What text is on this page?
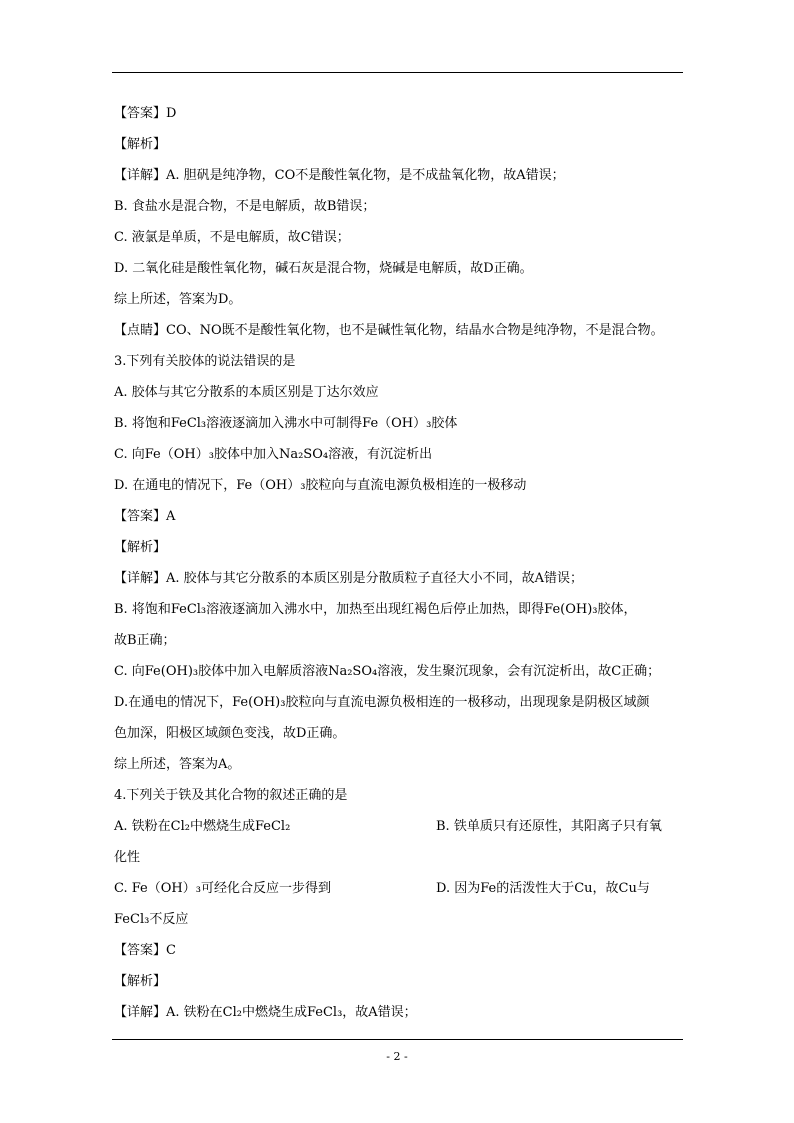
【答案】D
【解析】
【详解】A. 胆矾是纯净物，CO不是酸性氧化物，是不成盐氧化物，故A错误；
B. 食盐水是混合物，不是电解质，故B错误；
C. 液氯是单质，不是电解质，故C错误；
D. 二氧化硅是酸性氧化物，碱石灰是混合物，烧碱是电解质，故D正确。
综上所述，答案为D。
【点睛】CO、NO既不是酸性氧化物，也不是碱性氧化物，结晶水合物是纯净物，不是混合物。
3.下列有关胶体的说法错误的是
A. 胶体与其它分散系的本质区别是丁达尔效应
B. 将饱和FeCl₃溶液逐滴加入沸水中可制得Fe（OH）₃胶体
C. 向Fe（OH）₃胶体中加入Na₂SO₄溶液，有沉淀析出
D. 在通电的情况下，Fe（OH）₃胶粒向与直流电源负极相连的一极移动
【答案】A
【解析】
【详解】A. 胶体与其它分散系的本质区别是分散质粒子直径大小不同，故A错误；
B. 将饱和FeCl₃溶液逐滴加入沸水中，加热至出现红褐色后停止加热，即得Fe(OH)₃胶体，
故B正确；
C. 向Fe(OH)₃胶体中加入电解质溶液Na₂SO₄溶液，发生聚沉现象，会有沉淀析出，故C正确；
D.在通电的情况下，Fe(OH)₃胶粒向与直流电源负极相连的一极移动，出现现象是阴极区域颜
色加深，阳极区域颜色变浅，故D正确。
综上所述，答案为A。
4.下列关于铁及其化合物的叙述正确的是
A. 铁粉在Cl₂中燃烧生成FeCl₂	B. 铁单质只有还原性，其阳离子只有氧
化性
C. Fe（OH）₃可经化合反应一步得到	D. 因为Fe的活泼性大于Cu，故Cu与
FeCl₃不反应
【答案】C
【解析】
【详解】A. 铁粉在Cl₂中燃烧生成FeCl₃，故A错误；
- 2 -
